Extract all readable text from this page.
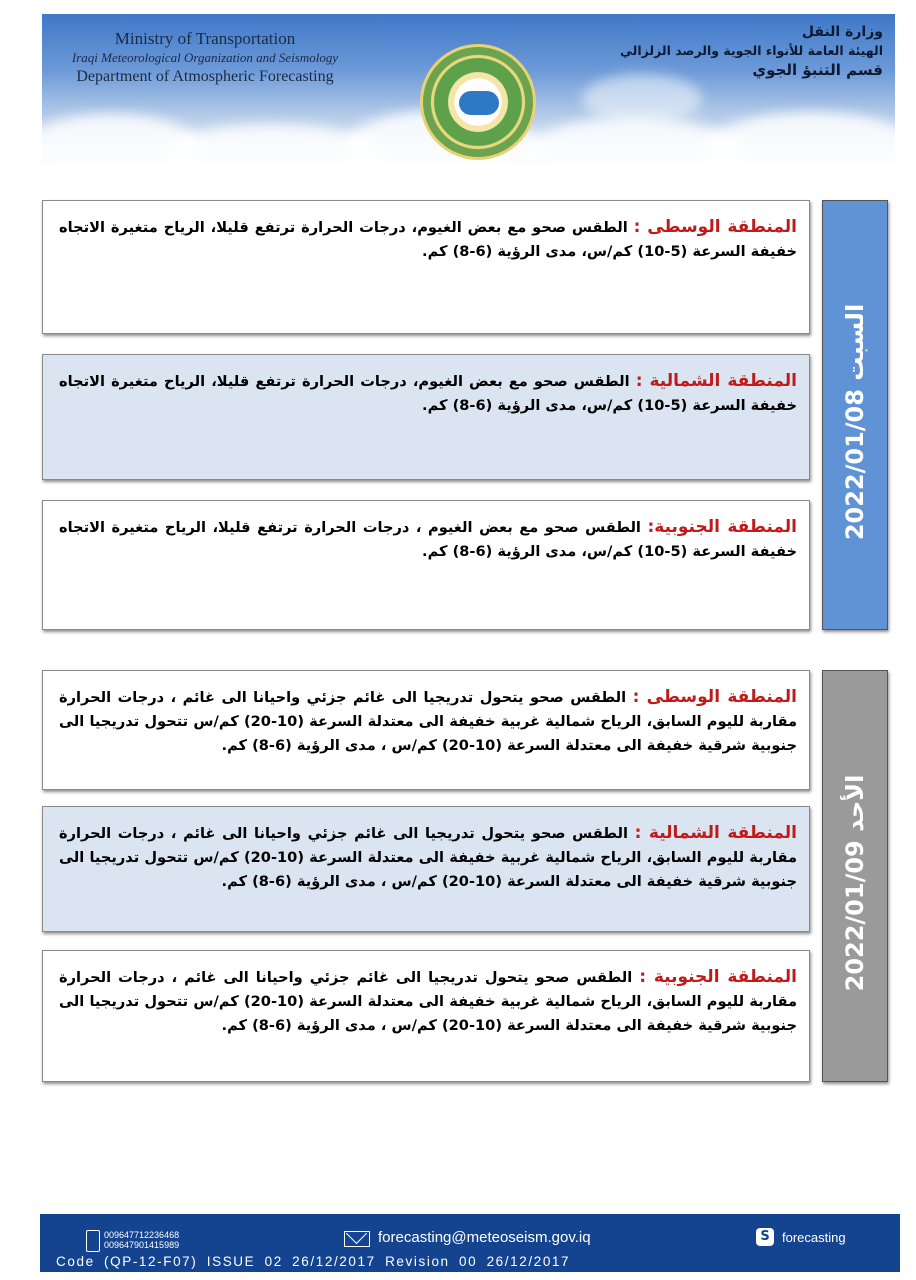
Ministry of Transportation
Iraqi Meteorological Organization and Seismology
Department of Atmospheric Forecasting
وزارة النقل
الهيئة العامة للأنواء الجوية والرصد الزلزالي
قسم التنبؤ الجوي

المنطقة الوسطى : الطقس صحو مع بعض الغيوم، درجات الحرارة ترتفع قليلا، الرياح متغيرة الاتجاه خفيفة السرعة (5-10) كم/س، مدى الرؤية (6-8) كم.

المنطقة الشمالية : الطقس صحو مع بعض الغيوم، درجات الحرارة ترتفع قليلا، الرياح متغيرة الاتجاه خفيفة السرعة (5-10) كم/س، مدى الرؤية (6-8) كم.

المنطقة الجنوبية: الطقس صحو مع بعض الغيوم ، درجات الحرارة ترتفع قليلا، الرياح متغيرة الاتجاه خفيفة السرعة (5-10) كم/س، مدى الرؤية (6-8) كم.

2022/01/08 السبت

المنطقة الوسطى : الطقس صحو يتحول تدريجيا الى غائم جزئي واحيانا الى غائم ، درجات الحرارة مقاربة لليوم السابق، الرياح شمالية غربية خفيفة الى معتدلة السرعة (10-20) كم/س تتحول تدريجيا الى جنوبية شرقية خفيفة الى معتدلة السرعة (10-20) كم/س ، مدى الرؤية (6-8) كم.

المنطقة الشمالية : الطقس صحو يتحول تدريجيا الى غائم جزئي واحيانا الى غائم ، درجات الحرارة مقاربة لليوم السابق، الرياح شمالية غربية خفيفة الى معتدلة السرعة (10-20) كم/س تتحول تدريجيا الى جنوبية شرقية خفيفة الى معتدلة السرعة (10-20) كم/س ، مدى الرؤية (6-8) كم.

المنطقة الجنوبية : الطقس صحو يتحول تدريجيا الى غائم جزئي واحيانا الى غائم ، درجات الحرارة مقاربة لليوم السابق، الرياح شمالية غربية خفيفة الى معتدلة السرعة (10-20) كم/س تتحول تدريجيا الى جنوبية شرقية خفيفة الى معتدلة السرعة (10-20) كم/س ، مدى الرؤية (6-8) كم.

2022/01/09 الأحد
009647712236468
009647901415989	forecasting@meteoseism.gov.iq	S forecasting
Code (QP-12-F07) ISSUE 02 26/12/2017 Revision 00 26/12/2017
